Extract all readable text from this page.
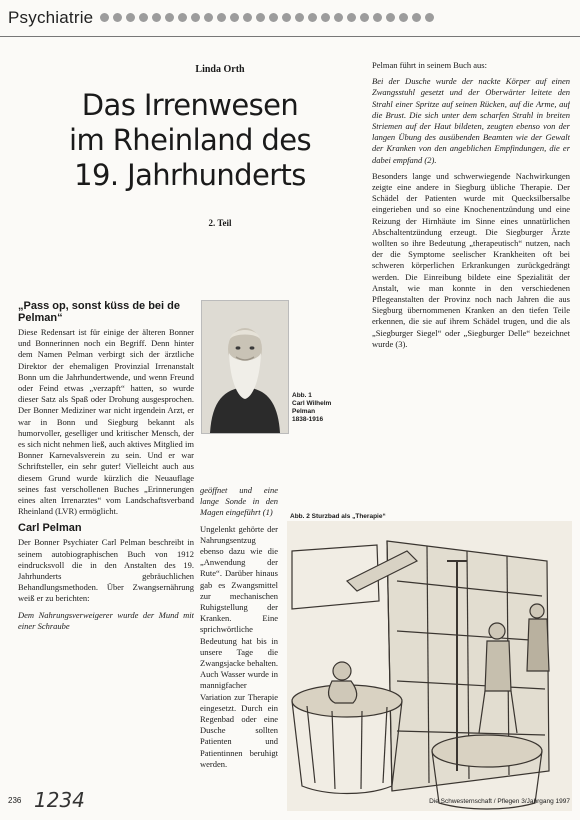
Psychiatrie
Linda Orth
Das Irrenwesen
im Rheinland des
19. Jahrhunderts
2. Teil
„Pass op, sonst küss de bei de Pelman“

Diese Redensart ist für einige der älteren Bonner und Bonnerinnen noch ein Begriff. Denn hinter dem Namen Pelman verbirgt sich der ärztliche Direktor der ehemaligen Provinzial Irrenanstalt Bonn um die Jahrhundertwende, und wenn Freund oder Feind etwas „verzapft“ hatten, so wurde dieser Satz als Spaß oder Drohung ausgesprochen. Der Bonner Mediziner war nicht irgendein Arzt, er war in Bonn und Siegburg bekannt als humorvoller, geselliger und kritischer Mensch, der es sich nicht nehmen ließ, auch aktives Mitglied im Bonner Karnevalsverein zu sein. Und er war Schriftsteller, ein sehr guter! Vielleicht auch aus diesem Grund wurde kürzlich die Neuauflage seines fast verschollenen Buches „Erinnerungen eines alten Irrenarztes“ vom Landschaftsverband Rheinland (LVR) ermöglicht.

Carl Pelman

Der Bonner Psychiater Carl Pelman beschreibt in seinem autobiographischen Buch von 1912 eindrucksvoll die in den Anstalten des 19. Jahrhunderts gebräuchlichen Behandlungsmethoden. Über Zwangsernährung weiß er zu berichten:

Dem Nahrungsverweigerer wurde der Mund mit einer Schraube

Abb. 1
Carl Wilhelm
Pelman
1838-1916

geöffnet und eine lange Sonde in den Magen eingeführt (1)

Ungelenkt gehörte der Nahrungsentzug ebenso dazu wie die „Anwendung der Rute“. Darüber hinaus gab es Zwangsmittel zur mechanischen Ruhigstellung der Kranken. Eine sprichwörtliche Bedeutung hat bis in unsere Tage die Zwangsjacke behalten. Auch Wasser wurde in mannigfacher Variation zur Therapie eingesetzt. Durch ein Regenbad oder eine Dusche sollten Patienten und Patientinnen beruhigt werden.

Pelman führt in seinem Buch aus:

Bei der Dusche wurde der nackte Körper auf einen Zwangsstuhl gesetzt und der Oberwärter leitete den Strahl einer Spritze auf seinen Rücken, auf die Arme, auf die Brust. Die sich unter dem scharfen Strahl in breiten Striemen auf der Haut bildeten, zeugten ebenso von der langen Übung des ausübenden Beamten wie der Gewalt der Kranken von den angeblichen Empfindungen, die er dabei empfand (2).

Besonders lange und schwerwiegende Nachwirkungen zeigte eine andere in Siegburg übliche Therapie. Der Schädel der Patienten wurde mit Quecksilbersalbe eingerieben und so eine Knochenentzündung und eine Reizung der Hirnhäute im Sinne eines unnatürlichen Abschaltentzündung erzeugt. Die Siegburger Ärzte wollten so ihre Bedeutung „therapeutisch“ nutzen, nach der die Symptome seelischer Krankheiten oft bei schweren körperlichen Erkrankungen zurückgedrängt werden. Die Einreibung bildete eine Spezialität der Anstalt, wie man konnte in den verschiedenen Pflegeanstalten der Provinz noch nach Jahren die aus Siegburg übernommenen Kranken an den tiefen Teile erkennen, die sie auf ihrem Schädel trugen, und die als „Siegburger Siegel“ oder „Siegburger Delle“ bezeichnet wurde (3).

Abb. 2 Sturzbad als „Therapie“
236 1234	Die Schwesternschaft / Pflegen 3/Jahrgang 1997
